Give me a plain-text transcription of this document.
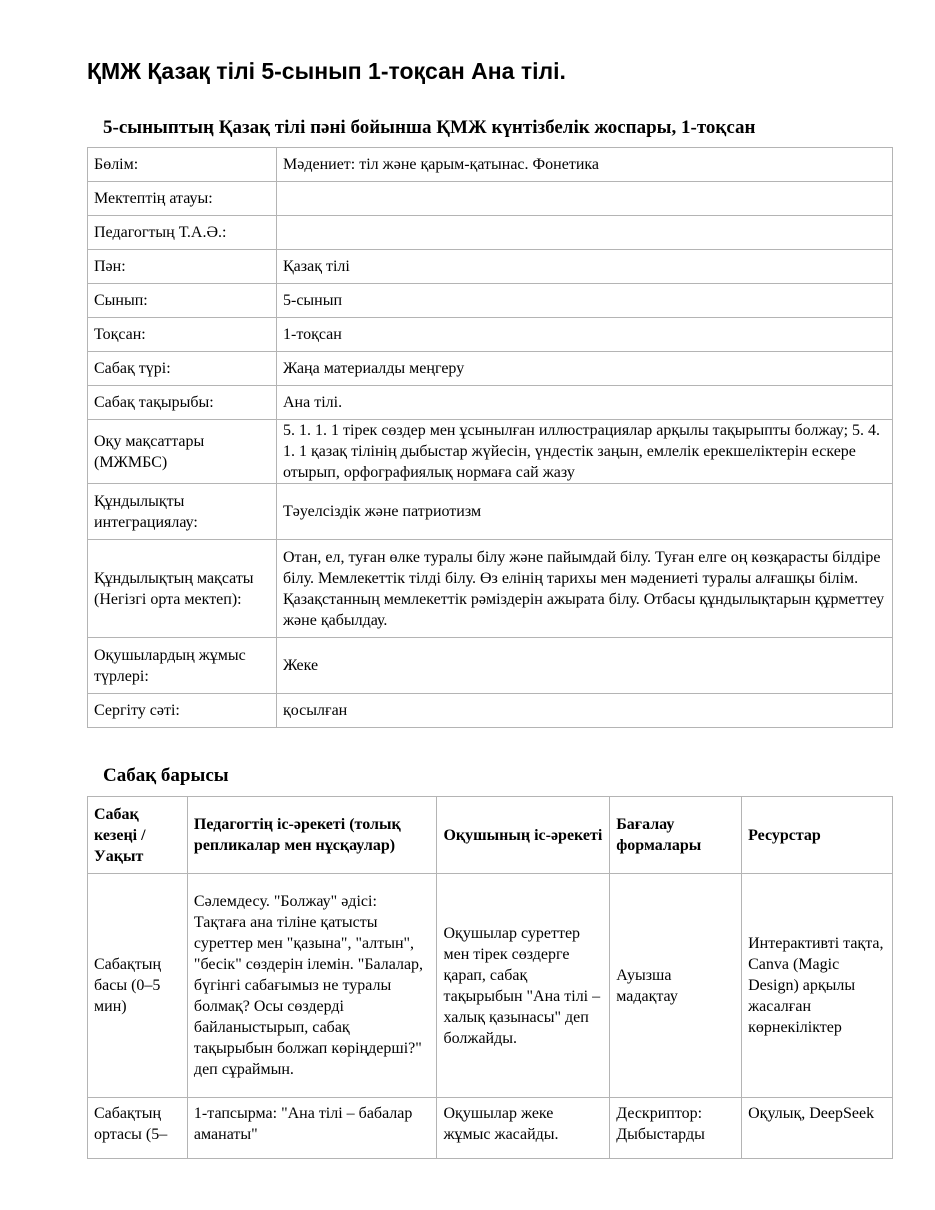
ҚМЖ Қазақ тілі 5-сынып 1-тоқсан Ана тілі.
5-сыныптың Қазақ тілі пәні бойынша ҚМЖ күнтізбелік жоспары, 1-тоқсан
Бөлім:	Мәдениет: тіл және қарым-қатынас. Фонетика
Мектептің атауы:	
Педагогтың Т.А.Ә.:	
Пән:	Қазақ тілі
Сынып:	5-сынып
Тоқсан:	1-тоқсан
Сабақ түрі:	Жаңа материалды меңгеру
Сабақ тақырыбы:	Ана тілі.
Оқу мақсаттары (МЖМБС)	5. 1. 1. 1 тірек сөздер мен ұсынылған иллюстрациялар арқылы тақырыпты болжау; 5. 4. 1. 1 қазақ тілінің дыбыстар жүйесін, үндестік заңын, емлелік ерекшеліктерін ескере отырып, орфографиялық нормаға сай жазу
Құндылықты интеграциялау:	Тәуелсіздік және патриотизм
Құндылықтың мақсаты (Негізгі орта мектеп):	Отан, ел, туған өлке туралы білу және пайымдай білу. Туған елге оң көзқарасты білдіре білу. Мемлекеттік тілді білу. Өз елінің тарихы мен мәдениеті туралы алғашқы білім. Қазақстанның мемлекеттік рәміздерін ажырата білу. Отбасы құндылықтарын құрметтеу және қабылдау.
Оқушылардың жұмыс түрлері:	Жеке
Сергіту сәті:	қосылған
Сабақ барысы
Сабақ кезеңі / Уақыт	Педагогтің іс-әрекеті (толық репликалар мен нұсқаулар)	Оқушының іс-әрекеті	Бағалау формалары	Ресурстар
Сабақтың басы (0–5 мин)	Сәлемдесу. "Болжау" әдісі: Тақтаға ана тіліне қатысты суреттер мен "қазына", "алтын", "бесік" сөздерін ілемін. "Балалар, бүгінгі сабағымыз не туралы болмақ? Осы сөздерді байланыстырып, сабақ тақырыбын болжап көріңдерші?" деп сұраймын.	Оқушылар суреттер мен тірек сөздерге қарап, сабақ тақырыбын "Ана тілі – халық қазынасы" деп болжайды.	Ауызша мадақтау	Интерактивті тақта, Canva (Magic Design) арқылы жасалған көрнекіліктер
Сабақтың ортасы (5–	1-тапсырма: "Ана тілі – бабалар аманаты"	Оқушылар жеке жұмыс жасайды.	Дескриптор: Дыбыстарды	Оқулық, DeepSeek
